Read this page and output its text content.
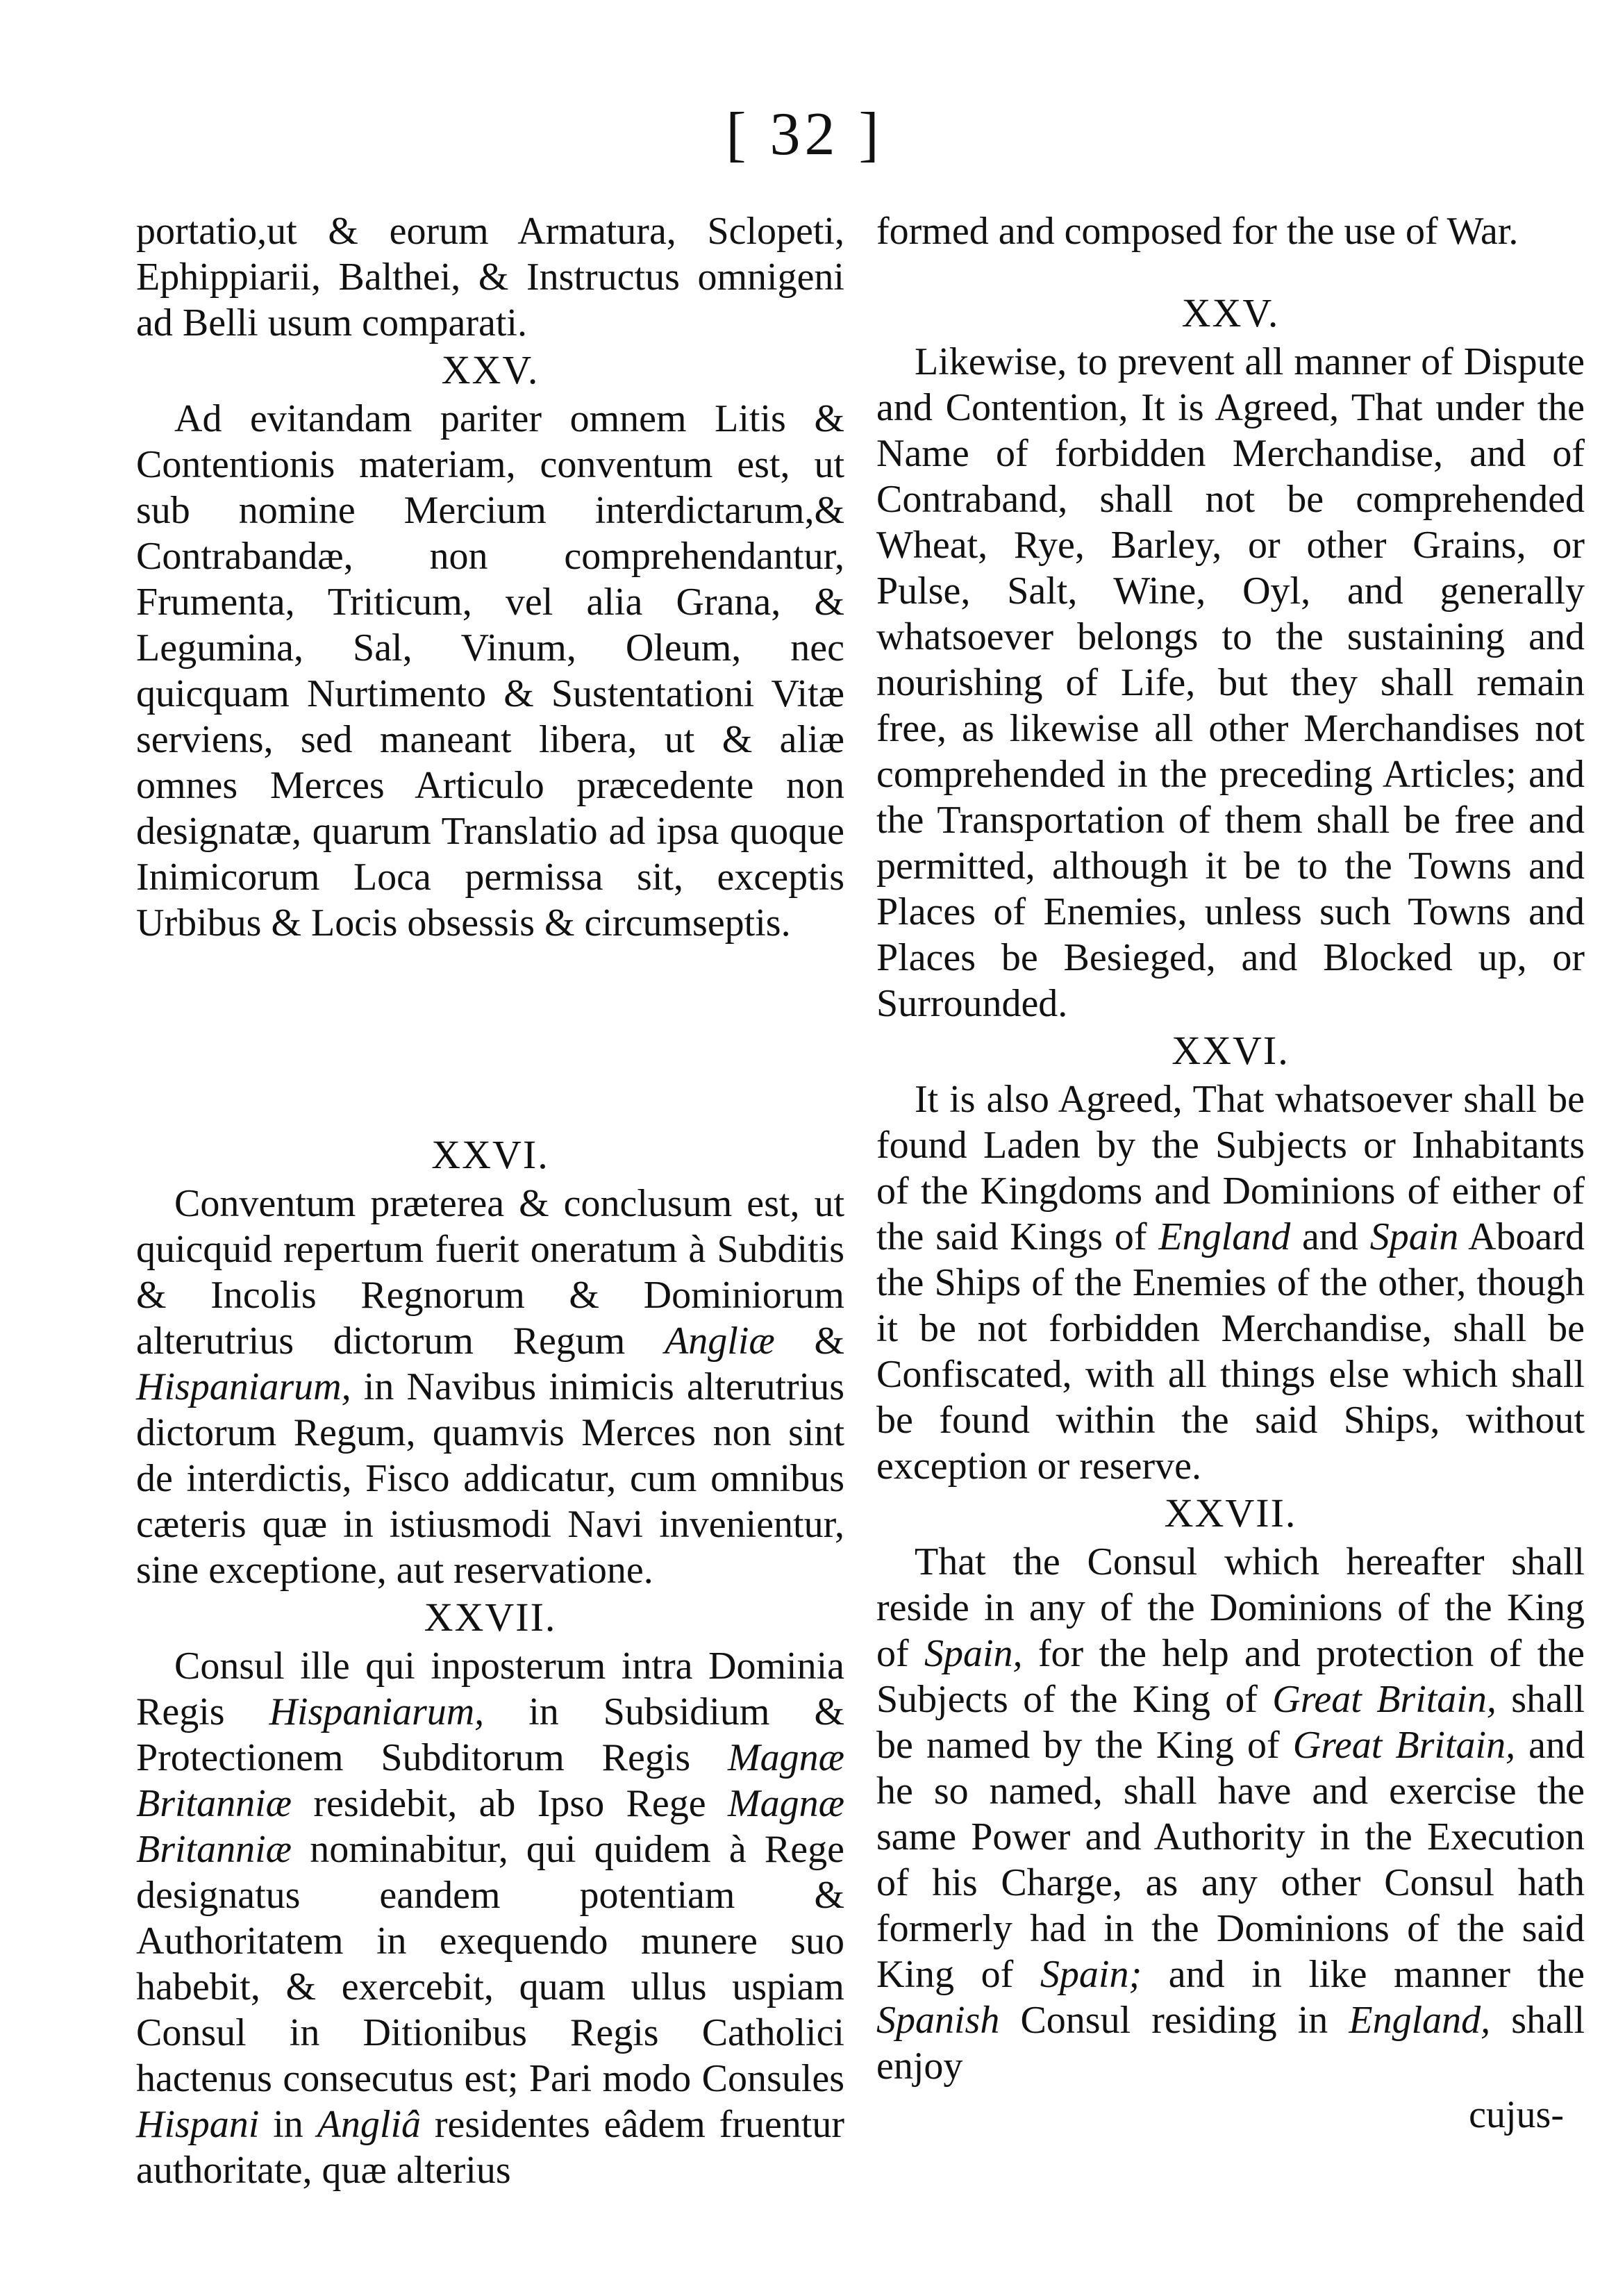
[ 32 ]

portatio,ut & eorum Armatura, Sclopeti, Ephippiarii, Balthei, & Instructus omnigeni ad Belli usum comparati.

XXV.

Ad evitandam pariter omnem Litis & Contentionis materiam, conventum est, ut sub nomine Mercium interdictarum,& Contrabandæ, non comprehendantur, Frumenta, Triticum, vel alia Grana, & Legumina, Sal, Vinum, Oleum, nec quicquam Nurtimento & Sustentationi Vitæ serviens, sed maneant libera, ut & aliæ omnes Merces Articulo præcedente non designatæ, quarum Translatio ad ipsa quoque Inimicorum Loca permissa sit, exceptis Urbibus & Locis obsessis & circumseptis.

XXVI.

Conventum præterea & conclusum est, ut quicquid repertum fuerit oneratum à Subditis & Incolis Regnorum & Dominiorum alterutrius dictorum Regum Angliæ & Hispaniarum, in Navibus inimicis alterutrius dictorum Regum, quamvis Merces non sint de interdictis, Fisco addicatur, cum omnibus cæteris quæ in istiusmodi Navi invenientur, sine exceptione, aut reservatione.

XXVII.

Consul ille qui inposterum intra Dominia Regis Hispaniarum, in Subsidium & Protectionem Subditorum Regis Magnæ Britanniæ residebit, ab Ipso Rege Magnæ Britanniæ nominabitur, qui quidem à Rege designatus eandem potentiam & Authoritatem in exequendo munere suo habebit, & exercebit, quam ullus uspiam Consul in Ditionibus Regis Catholici hactenus consecutus est; Pari modo Consules Hispani in Angliâ residentes eâdem fruentur authoritate, quæ alterius

formed and composed for the use of War.

XXV.

Likewise, to prevent all manner of Dispute and Contention, It is Agreed, That under the Name of forbidden Merchandise, and of Contraband, shall not be comprehended Wheat, Rye, Barley, or other Grains, or Pulse, Salt, Wine, Oyl, and generally whatsoever belongs to the sustaining and nourishing of Life, but they shall remain free, as likewise all other Merchandises not comprehended in the preceding Articles; and the Transportation of them shall be free and permitted, although it be to the Towns and Places of Enemies, unless such Towns and Places be Besieged, and Blocked up, or Surrounded.

XXVI.

It is also Agreed, That whatsoever shall be found Laden by the Subjects or Inhabitants of the Kingdoms and Dominions of either of the said Kings of England and Spain Aboard the Ships of the Enemies of the other, though it be not forbidden Merchandise, shall be Confiscated, with all things else which shall be found within the said Ships, without exception or reserve.

XXVII.

That the Consul which hereafter shall reside in any of the Dominions of the King of Spain, for the help and protection of the Subjects of the King of Great Britain, shall be named by the King of Great Britain, and he so named, shall have and exercise the same Power and Authority in the Execution of his Charge, as any other Consul hath formerly had in the Dominions of the said King of Spain; and in like manner the Spanish Consul residing in England, shall enjoy

cujus-
